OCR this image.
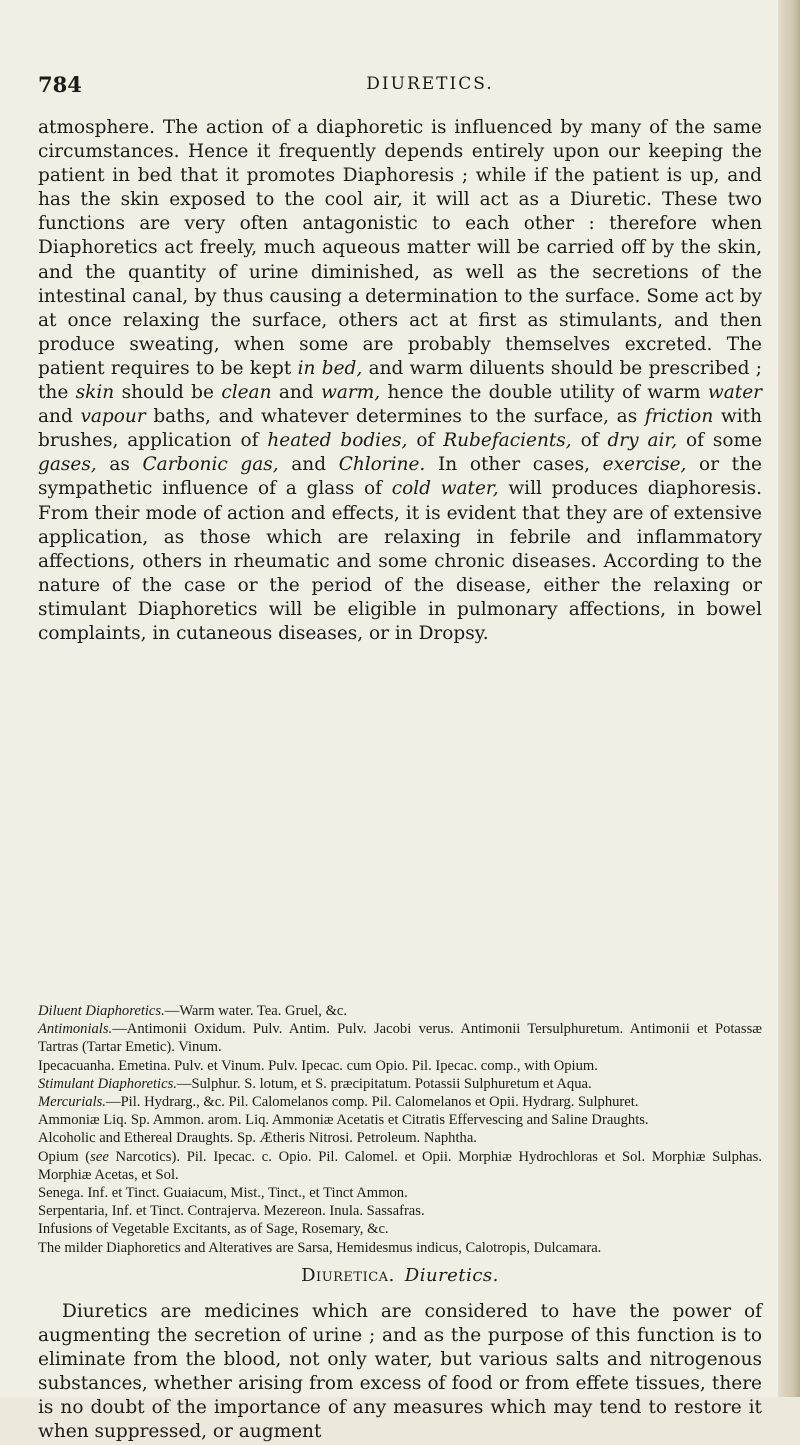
784	DIURETICS.

atmosphere. The action of a diaphoretic is influenced by many of the same circumstances. Hence it frequently depends entirely upon our keeping the patient in bed that it promotes Diaphoresis ; while if the patient is up, and has the skin exposed to the cool air, it will act as a Diuretic. These two functions are very often antagonistic to each other : therefore when Diaphoretics act freely, much aqueous matter will be carried off by the skin, and the quantity of urine diminished, as well as the secretions of the intestinal canal, by thus causing a determination to the surface. Some act by at once relaxing the surface, others act at first as stimulants, and then produce sweating, when some are probably themselves excreted. The patient requires to be kept in bed, and warm diluents should be prescribed ; the skin should be clean and warm, hence the double utility of warm water and vapour baths, and whatever determines to the surface, as friction with brushes, application of heated bodies, of Rubefacients, of dry air, of some gases, as Carbonic gas, and Chlorine. In other cases, exercise, or the sympathetic influence of a glass of cold water, will produces diaphoresis. From their mode of action and effects, it is evident that they are of extensive application, as those which are relaxing in febrile and inflammatory affections, others in rheumatic and some chronic diseases. According to the nature of the case or the period of the disease, either the relaxing or stimulant Diaphoretics will be eligible in pulmonary affections, in bowel complaints, in cutaneous diseases, or in Dropsy.

Diluent Diaphoretics.—Warm water. Tea. Gruel, &c.

Antimonials.—Antimonii Oxidum. Pulv. Antim. Pulv. Jacobi verus. Antimonii Tersulphuretum. Antimonii et Potassæ Tartras (Tartar Emetic). Vinum.

Ipecacuanha. Emetina. Pulv. et Vinum. Pulv. Ipecac. cum Opio. Pil. Ipecac. comp., with Opium.

Stimulant Diaphoretics.—Sulphur. S. lotum, et S. præcipitatum. Potassii Sulphuretum et Aqua.

Mercurials.—Pil. Hydrarg., &c. Pil. Calomelanos comp. Pil. Calomelanos et Opii. Hydrarg. Sulphuret.

Ammoniæ Liq. Sp. Ammon. arom. Liq. Ammoniæ Acetatis et Citratis Effervescing and Saline Draughts.

Alcoholic and Ethereal Draughts. Sp. Ætheris Nitrosi. Petroleum. Naphtha.

Opium (see Narcotics). Pil. Ipecac. c. Opio. Pil. Calomel. et Opii. Morphiæ Hydrochloras et Sol. Morphiæ Sulphas. Morphiæ Acetas, et Sol.

Senega. Inf. et Tinct. Guaiacum, Mist., Tinct., et Tinct Ammon.

Serpentaria, Inf. et Tinct. Contrajerva. Mezereon. Inula. Sassafras.

Infusions of Vegetable Excitants, as of Sage, Rosemary, &c.

The milder Diaphoretics and Alteratives are Sarsa, Hemidesmus indicus, Calotropis, Dulcamara.

Diuretica. Diuretics.
Diuretics are medicines which are considered to have the power of augmenting the secretion of urine ; and as the purpose of this function is to eliminate from the blood, not only water, but various salts and nitrogenous substances, whether arising from excess of food or from effete tissues, there is no doubt of the importance of any measures which may tend to restore it when suppressed, or augment
